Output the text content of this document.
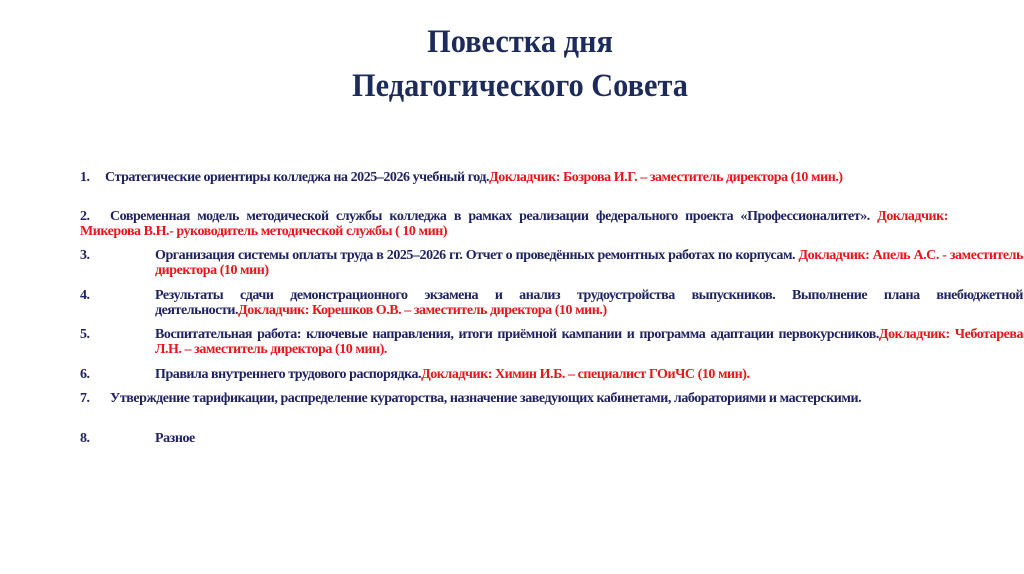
Повестка дня
Педагогического Совета
1. Стратегические ориентиры колледжа на 2025–2026 учебный год.Докладчик: Бозрова И.Г. – заместитель директора (10 мин.)
2. Современная модель методической службы колледжа в рамках реализации федерального проекта «Профессионалитет». Докладчик: Микерова В.Н.- руководитель методической службы ( 10 мин)
3.	Организация системы оплаты труда в 2025–2026 гг. Отчет о проведённых ремонтных работах по корпусам. Докладчик: Апель А.С. - заместитель директора (10 мин)
4.	Результаты сдачи демонстрационного экзамена и анализ трудоустройства выпускников. Выполнение плана внебюджетной деятельности.Докладчик: Корешков О.В. – заместитель директора (10 мин.)
5.	Воспитательная работа: ключевые направления, итоги приёмной кампании и программа адаптации первокурсников.Докладчик: Чеботарева Л.Н. – заместитель директора (10 мин).
6.	Правила внутреннего трудового распорядка.Докладчик: Химин И.Б. – специалист ГОиЧС (10 мин).
7. Утверждение тарификации, распределение кураторства, назначение заведующих кабинетами, лабораториями и мастерскими.
8.	Разное
